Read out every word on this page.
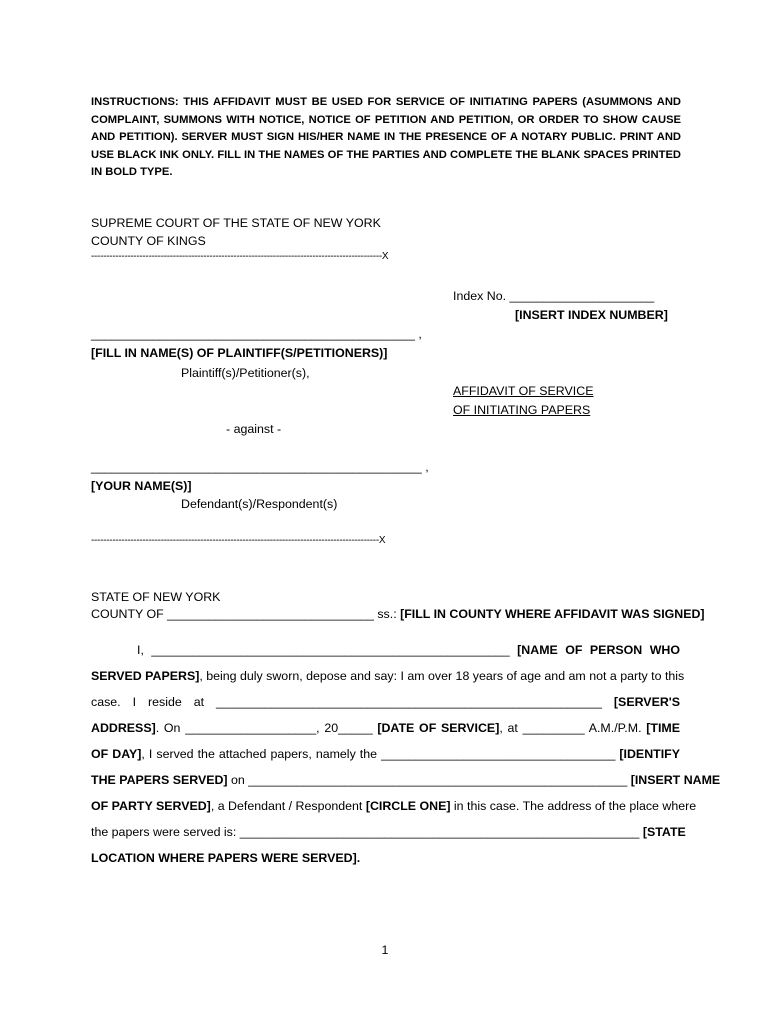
INSTRUCTIONS: THIS AFFIDAVIT MUST BE USED FOR SERVICE OF INITIATING PAPERS (ASUMMONS AND COMPLAINT, SUMMONS WITH NOTICE, NOTICE OF PETITION AND PETITION, OR ORDER TO SHOW CAUSE AND PETITION). SERVER MUST SIGN HIS/HER NAME IN THE PRESENCE OF A NOTARY PUBLIC. PRINT AND USE BLACK INK ONLY. FILL IN THE NAMES OF THE PARTIES AND COMPLETE THE BLANK SPACES PRINTED IN BOLD TYPE.
SUPREME COURT OF THE STATE OF NEW YORK
COUNTY OF KINGS
------------------------------------------------------------------------------------------------X
Index No. _____________________
[INSERT INDEX NUMBER]
_______________________________________________ ,
[FILL IN NAME(S) OF PLAINTIFF(S/PETITIONERS)]
Plaintiff(s)/Petitioner(s),
AFFIDAVIT OF SERVICE
OF INITIATING PAPERS
- against -
________________________________________________ ,
[YOUR NAME(S)]
Defendant(s)/Respondent(s)
-----------------------------------------------------------------------------------------------X
STATE OF NEW YORK
COUNTY OF ______________________________ ss.: [FILL IN COUNTY WHERE AFFIDAVIT WAS SIGNED]
I, ____________________________________________________ [NAME OF PERSON WHO
SERVED PAPERS], being duly sworn, depose and say: I am over 18 years of age and am not a party to this
case. I reside at ________________________________________________________ [SERVER'S
ADDRESS]. On ___________________, 20_____ [DATE OF SERVICE], at _________ A.M./P.M. [TIME
OF DAY], I served the attached papers, namely the __________________________________ [IDENTIFY
THE PAPERS SERVED] on _______________________________________________________ [INSERT NAME
OF PARTY SERVED], a Defendant / Respondent [CIRCLE ONE] in this case. The address of the place where
the papers were served is: __________________________________________________________ [STATE
LOCATION WHERE PAPERS WERE SERVED].
1
